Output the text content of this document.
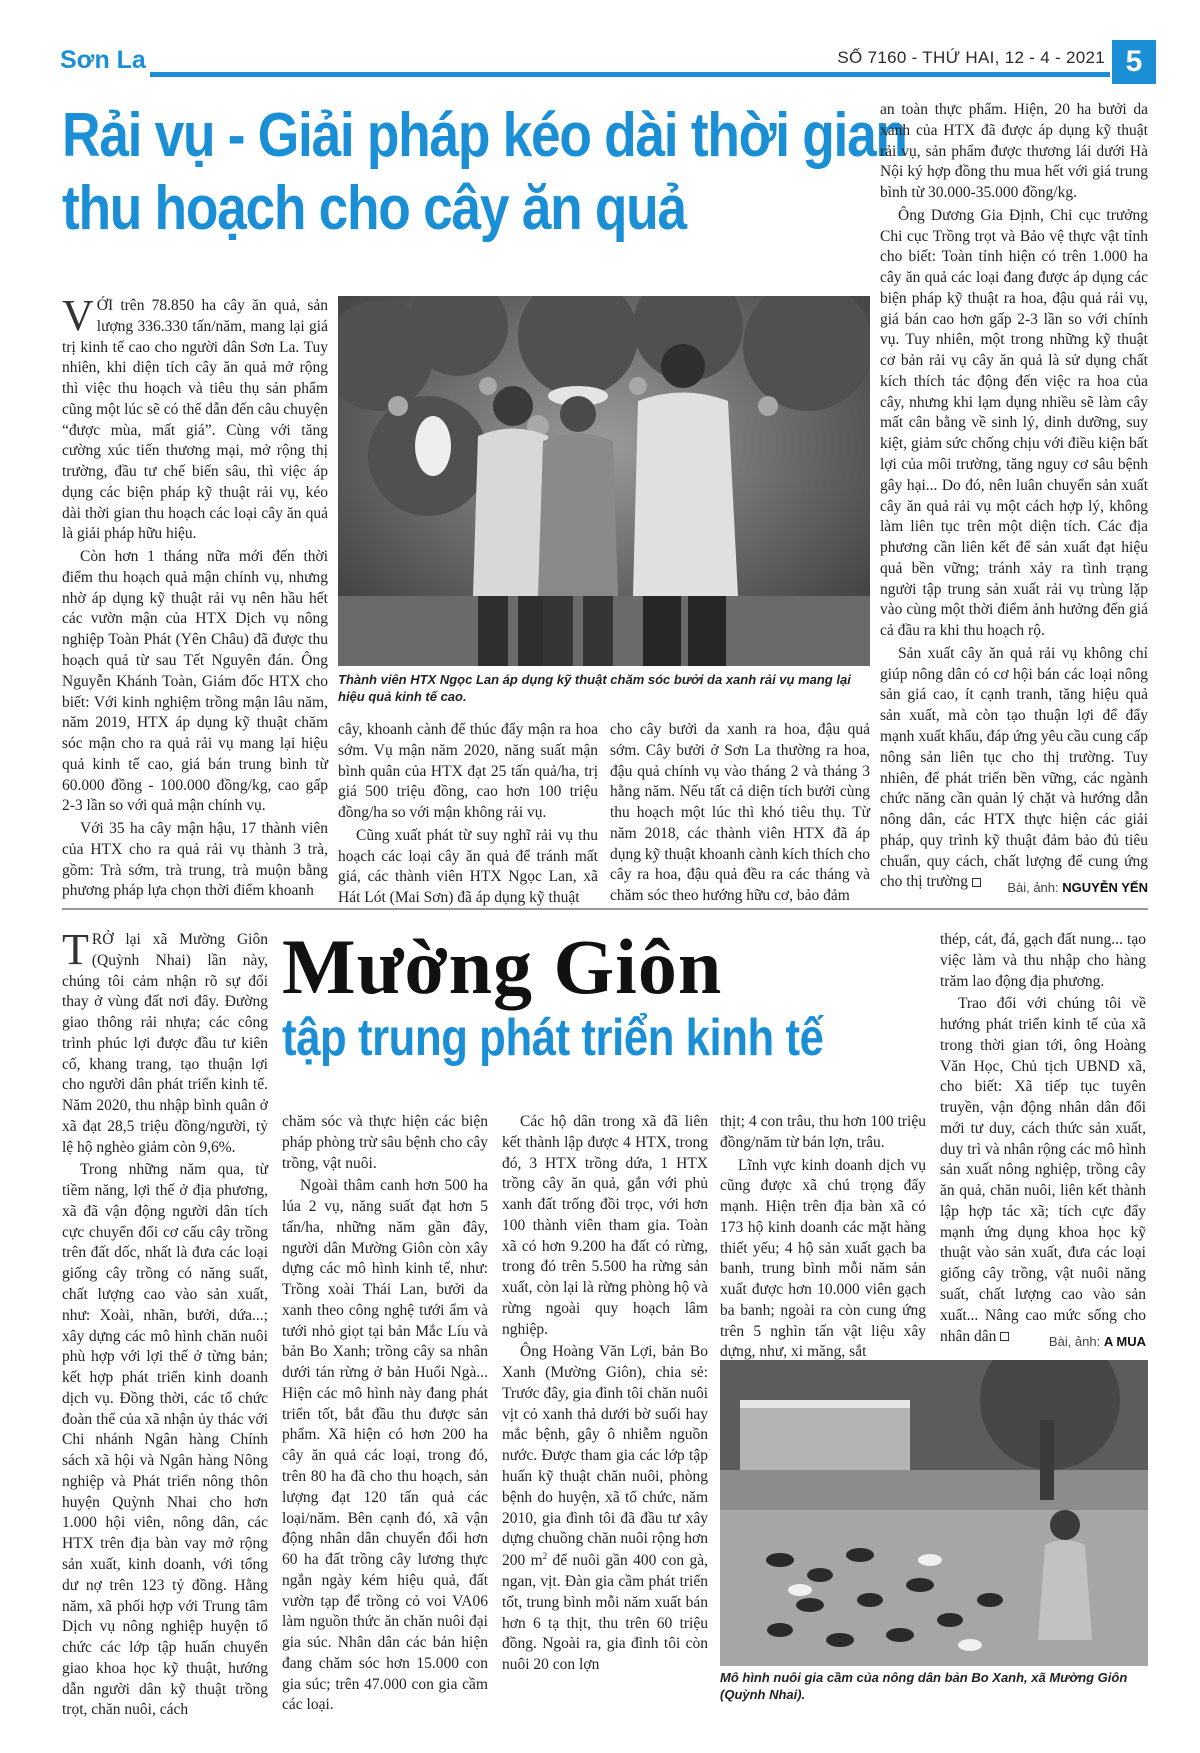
Sơn La	SỐ 7160 - THỨ HAI, 12 - 4 - 2021 5
Rải vụ - Giải pháp kéo dài thời gian
thu hoạch cho cây ăn quả

VỚI trên 78.850 ha cây ăn quả, sản lượng 336.330 tấn/năm, mang lại giá trị kinh tế cao cho người dân Sơn La. Tuy nhiên, khi diện tích cây ăn quả mở rộng thì việc thu hoạch và tiêu thụ sản phẩm cũng một lúc sẽ có thể dẫn đến câu chuyện “được mùa, mất giá”. Cùng với tăng cường xúc tiến thương mại, mở rộng thị trường, đầu tư chế biến sâu, thì việc áp dụng các biện pháp kỹ thuật rải vụ, kéo dài thời gian thu hoạch các loại cây ăn quả là giải pháp hữu hiệu.

Còn hơn 1 tháng nữa mới đến thời điểm thu hoạch quả mận chính vụ, nhưng nhờ áp dụng kỹ thuật rải vụ nên hầu hết các vườn mận của HTX Dịch vụ nông nghiệp Toàn Phát (Yên Châu) đã được thu hoạch quả từ sau Tết Nguyên đán. Ông Nguyễn Khánh Toàn, Giám đốc HTX cho biết: Với kinh nghiệm trồng mận lâu năm, năm 2019, HTX áp dụng kỹ thuật chăm sóc mận cho ra quả rải vụ mang lại hiệu quả kinh tế cao, giá bán trung bình từ 60.000 đồng - 100.000 đồng/kg, cao gấp 2-3 lần so với quả mận chính vụ.

Với 35 ha cây mận hậu, 17 thành viên của HTX cho ra quả rải vụ thành 3 trà, gồm: Trà sớm, trà trung, trà muộn bằng phương pháp lựa chọn thời điểm khoanh

Thành viên HTX Ngọc Lan áp dụng kỹ thuật chăm sóc bưởi da xanh rải vụ mang lại hiệu quả kinh tế cao.

cây, khoanh cành để thúc đẩy mận ra hoa sớm. Vụ mận năm 2020, năng suất mận bình quân của HTX đạt 25 tấn quả/ha, trị giá 500 triệu đồng, cao hơn 100 triệu đồng/ha so với mận không rải vụ.

Cũng xuất phát từ suy nghĩ rải vụ thu hoạch các loại cây ăn quả để tránh mất giá, các thành viên HTX Ngọc Lan, xã Hát Lót (Mai Sơn) đã áp dụng kỹ thuật

cho cây bưởi da xanh ra hoa, đậu quả sớm. Cây bưởi ở Sơn La thường ra hoa, đậu quả chính vụ vào tháng 2 và tháng 3 hằng năm. Nếu tất cả diện tích bưởi cùng thu hoạch một lúc thì khó tiêu thụ. Từ năm 2018, các thành viên HTX đã áp dụng kỹ thuật khoanh cành kích thích cho cây ra hoa, đậu quả đều ra các tháng và chăm sóc theo hướng hữu cơ, bảo đảm

an toàn thực phẩm. Hiện, 20 ha bưởi da xanh của HTX đã được áp dụng kỹ thuật rải vụ, sản phẩm được thương lái dưới Hà Nội ký hợp đồng thu mua hết với giá trung bình từ 30.000-35.000 đồng/kg.

Ông Dương Gia Định, Chi cục trưởng Chi cục Trồng trọt và Bảo vệ thực vật tỉnh cho biết: Toàn tỉnh hiện có trên 1.000 ha cây ăn quả các loại đang được áp dụng các biện pháp kỹ thuật ra hoa, đậu quả rải vụ, giá bán cao hơn gấp 2-3 lần so với chính vụ. Tuy nhiên, một trong những kỹ thuật cơ bản rải vụ cây ăn quả là sử dụng chất kích thích tác động đến việc ra hoa của cây, nhưng khi lạm dụng nhiều sẽ làm cây mất cân bằng về sinh lý, dinh dưỡng, suy kiệt, giảm sức chống chịu với điều kiện bất lợi của môi trường, tăng nguy cơ sâu bệnh gây hại... Do đó, nên luân chuyển sản xuất cây ăn quả rải vụ một cách hợp lý, không làm liên tục trên một diện tích. Các địa phương cần liên kết để sản xuất đạt hiệu quả bền vững; tránh xảy ra tình trạng người tập trung sản xuất rải vụ trùng lặp vào cùng một thời điểm ảnh hưởng đến giá cả đầu ra khi thu hoạch rộ.

Sản xuất cây ăn quả rải vụ không chỉ giúp nông dân có cơ hội bán các loại nông sản giá cao, ít cạnh tranh, tăng hiệu quả sản xuất, mà còn tạo thuận lợi để đẩy mạnh xuất khẩu, đáp ứng yêu cầu cung cấp nông sản liên tục cho thị trường. Tuy nhiên, để phát triển bền vững, các ngành chức năng cần quản lý chặt và hướng dẫn nông dân, các HTX thực hiện các giải pháp, quy trình kỹ thuật đảm bảo đủ tiêu chuẩn, quy cách, chất lượng để cung ứng cho thị trường	Bài, ảnh: NGUYỄN YẾN
Mường Giôn
tập trung phát triển kinh tế

TRỞ lại xã Mường Giôn (Quỳnh Nhai) lần này, chúng tôi cảm nhận rõ sự đổi thay ở vùng đất nơi đây. Đường giao thông rải nhựa; các công trình phúc lợi được đầu tư kiên cố, khang trang, tạo thuận lợi cho người dân phát triển kinh tế. Năm 2020, thu nhập bình quân ở xã đạt 28,5 triệu đồng/người, tỷ lệ hộ nghèo giảm còn 9,6%.

Trong những năm qua, từ tiềm năng, lợi thế ở địa phương, xã đã vận động người dân tích cực chuyển đổi cơ cấu cây trồng trên đất dốc, nhất là đưa các loại giống cây trồng có năng suất, chất lượng cao vào sản xuất, như: Xoài, nhãn, bưởi, dứa...; xây dựng các mô hình chăn nuôi phù hợp với lợi thế ở từng bản; kết hợp phát triển kinh doanh dịch vụ. Đồng thời, các tổ chức đoàn thể của xã nhận ủy thác với Chi nhánh Ngân hàng Chính sách xã hội và Ngân hàng Nông nghiệp và Phát triển nông thôn huyện Quỳnh Nhai cho hơn 1.000 hội viên, nông dân, các HTX trên địa bàn vay mở rộng sản xuất, kinh doanh, với tổng dư nợ trên 123 tỷ đồng. Hằng năm, xã phối hợp với Trung tâm Dịch vụ nông nghiệp huyện tổ chức các lớp tập huấn chuyển giao khoa học kỹ thuật, hướng dẫn người dân kỹ thuật trồng trọt, chăn nuôi, cách

chăm sóc và thực hiện các biện pháp phòng trừ sâu bệnh cho cây trồng, vật nuôi.

Ngoài thâm canh hơn 500 ha lúa 2 vụ, năng suất đạt hơn 5 tấn/ha, những năm gần đây, người dân Mường Giôn còn xây dựng các mô hình kinh tế, như: Trồng xoài Thái Lan, bưởi da xanh theo công nghệ tưới ẩm và tưới nhỏ giọt tại bản Mắc Líu và bản Bo Xanh; trồng cây sa nhân dưới tán rừng ở bản Huổi Ngà... Hiện các mô hình này đang phát triển tốt, bắt đầu thu được sản phẩm. Xã hiện có hơn 200 ha cây ăn quả các loại, trong đó, trên 80 ha đã cho thu hoạch, sản lượng đạt 120 tấn quả các loại/năm. Bên cạnh đó, xã vận động nhân dân chuyển đổi hơn 60 ha đất trồng cây lương thực ngắn ngày kém hiệu quả, đất vườn tạp để trồng cỏ voi VA06 làm nguồn thức ăn chăn nuôi đại gia súc. Nhân dân các bản hiện đang chăm sóc hơn 15.000 con gia súc; trên 47.000 con gia cầm các loại.

Các hộ dân trong xã đã liên kết thành lập được 4 HTX, trong đó, 3 HTX trồng dứa, 1 HTX trồng cây ăn quả, gắn với phủ xanh đất trống đồi trọc, với hơn 100 thành viên tham gia. Toàn xã có hơn 9.200 ha đất có rừng, trong đó trên 5.500 ha rừng sản xuất, còn lại là rừng phòng hộ và rừng ngoài quy hoạch lâm nghiệp.

Ông Hoàng Văn Lợi, bản Bo Xanh (Mường Giôn), chia sẻ: Trước đây, gia đình tôi chăn nuôi vịt cỏ xanh thả dưới bờ suối hay mắc bệnh, gây ô nhiễm nguồn nước. Được tham gia các lớp tập huấn kỹ thuật chăn nuôi, phòng bệnh do huyện, xã tổ chức, năm 2010, gia đình tôi đã đầu tư xây dựng chuồng chăn nuôi rộng hơn 200 $m^2$ để nuôi gần 400 con gà, ngan, vịt. Đàn gia cầm phát triển tốt, trung bình mỗi năm xuất bán hơn 6 tạ thịt, thu trên 60 triệu đồng. Ngoài ra, gia đình tôi còn nuôi 20 con lợn

thịt; 4 con trâu, thu hơn 100 triệu đồng/năm từ bán lợn, trâu.

Lĩnh vực kinh doanh dịch vụ cũng được xã chú trọng đẩy mạnh. Hiện trên địa bàn xã có 173 hộ kinh doanh các mặt hàng thiết yếu; 4 hộ sản xuất gạch ba banh, trung bình mỗi năm sản xuất được hơn 10.000 viên gạch ba banh; ngoài ra còn cung ứng trên 5 nghìn tấn vật liệu xây dựng, như, xi măng, sắt

thép, cát, đá, gạch đất nung... tạo việc làm và thu nhập cho hàng trăm lao động địa phương.

Trao đổi với chúng tôi về hướng phát triển kinh tế của xã trong thời gian tới, ông Hoàng Văn Học, Chủ tịch UBND xã, cho biết: Xã tiếp tục tuyên truyền, vận động nhân dân đổi mới tư duy, cách thức sản xuất, duy trì và nhân rộng các mô hình sản xuất nông nghiệp, trồng cây ăn quả, chăn nuôi, liên kết thành lập hợp tác xã; tích cực đẩy mạnh ứng dụng khoa học kỹ thuật vào sản xuất, đưa các loại giống cây trồng, vật nuôi năng suất, chất lượng cao vào sản xuất... Nâng cao mức sống cho nhân dân	Bài, ảnh: A MUA
Mô hình nuôi gia cầm của nông dân bản Bo Xanh, xã Mường Giôn (Quỳnh Nhai).
